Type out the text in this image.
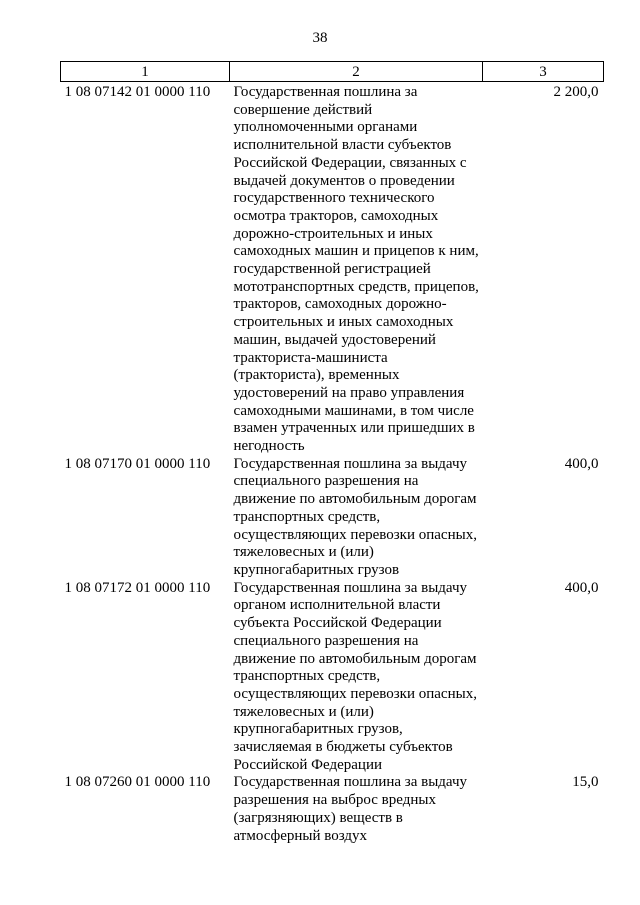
38
1	2	3
1 08 07142 01 0000 110	Государственная пошлина за совершение действий уполномоченными органами исполнительной власти субъектов Российской Федерации, связанных с выдачей документов о проведении государственного технического осмотра тракторов, самоходных дорожно-строительных и иных самоходных машин и прицепов к ним, государственной регистрацией мототранспортных средств, прицепов, тракторов, самоходных дорожно-строительных и иных самоходных машин, выдачей удостоверений тракториста-машиниста (тракториста), временных удостоверений на право управления самоходными машинами, в том числе взамен утраченных или пришедших в негодность	2 200,0
1 08 07170 01 0000 110	Государственная пошлина за выдачу специального разрешения на движение по автомобильным дорогам транспортных средств, осуществляющих перевозки опасных, тяжеловесных и (или) крупногабаритных грузов	400,0
1 08 07172 01 0000 110	Государственная пошлина за выдачу органом исполнительной власти субъекта Российской Федерации специального разрешения на движение по автомобильным дорогам транспортных средств, осуществляющих перевозки опасных, тяжеловесных и (или) крупногабаритных грузов, зачисляемая в бюджеты субъектов Российской Федерации	400,0
1 08 07260 01 0000 110	Государственная пошлина за выдачу разрешения на выброс вредных (загрязняющих) веществ в атмосферный воздух	15,0
